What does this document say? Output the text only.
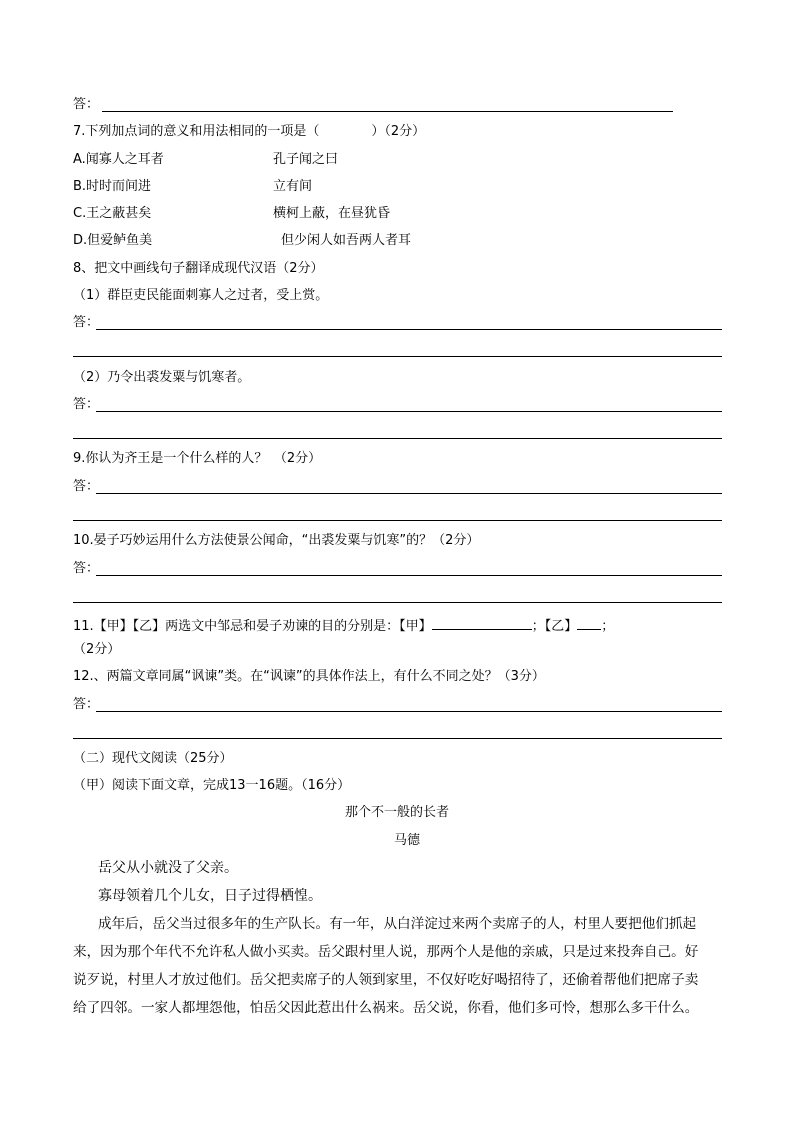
答：
7.下列加点词的意义和用法相同的一项是（　　　　）（2分）
A.闻寡人之耳者	孔子闻之曰
B.时时而间进	立有间
C.王之蔽甚矣	横柯上蔽，在昼犹昏
D.但爱鲈鱼美	但少闲人如吾两人者耳
8、把文中画线句子翻译成现代汉语（2分）
（1）群臣吏民能面刺寡人之过者，受上赏。
答：
（2）乃令出裘发粟与饥寒者。
答：
9.你认为齐王是一个什么样的人？　（2分）
答：
10.晏子巧妙运用什么方法使景公闻命，“出裘发粟与饥寒”的？（2分）
答：
11.【甲】【乙】两选文中邹忌和晏子劝谏的目的分别是：【甲】	；【乙】 ；
（2分）
12.、两篇文章同属“讽谏”类。在“讽谏”的具体作法上，有什么不同之处？（3分）
答：
（二）现代文阅读（25分）
（甲）阅读下面文章，完成13一16题。（16分）
那个不一般的长者
马德
岳父从小就没了父亲。
寡母领着几个儿女，日子过得栖惶。
成年后，岳父当过很多年的生产队长。有一年，从白洋淀过来两个卖席子的人，村里人要把他们抓起
来，因为那个年代不允许私人做小买卖。岳父跟村里人说，那两个人是他的亲戚，只是过来投奔自己。好
说歹说，村里人才放过他们。岳父把卖席子的人领到家里，不仅好吃好喝招待了，还偷着帮他们把席子卖
给了四邻。一家人都埋怨他，怕岳父因此惹出什么祸来。岳父说，你看，他们多可怜，想那么多干什么。
